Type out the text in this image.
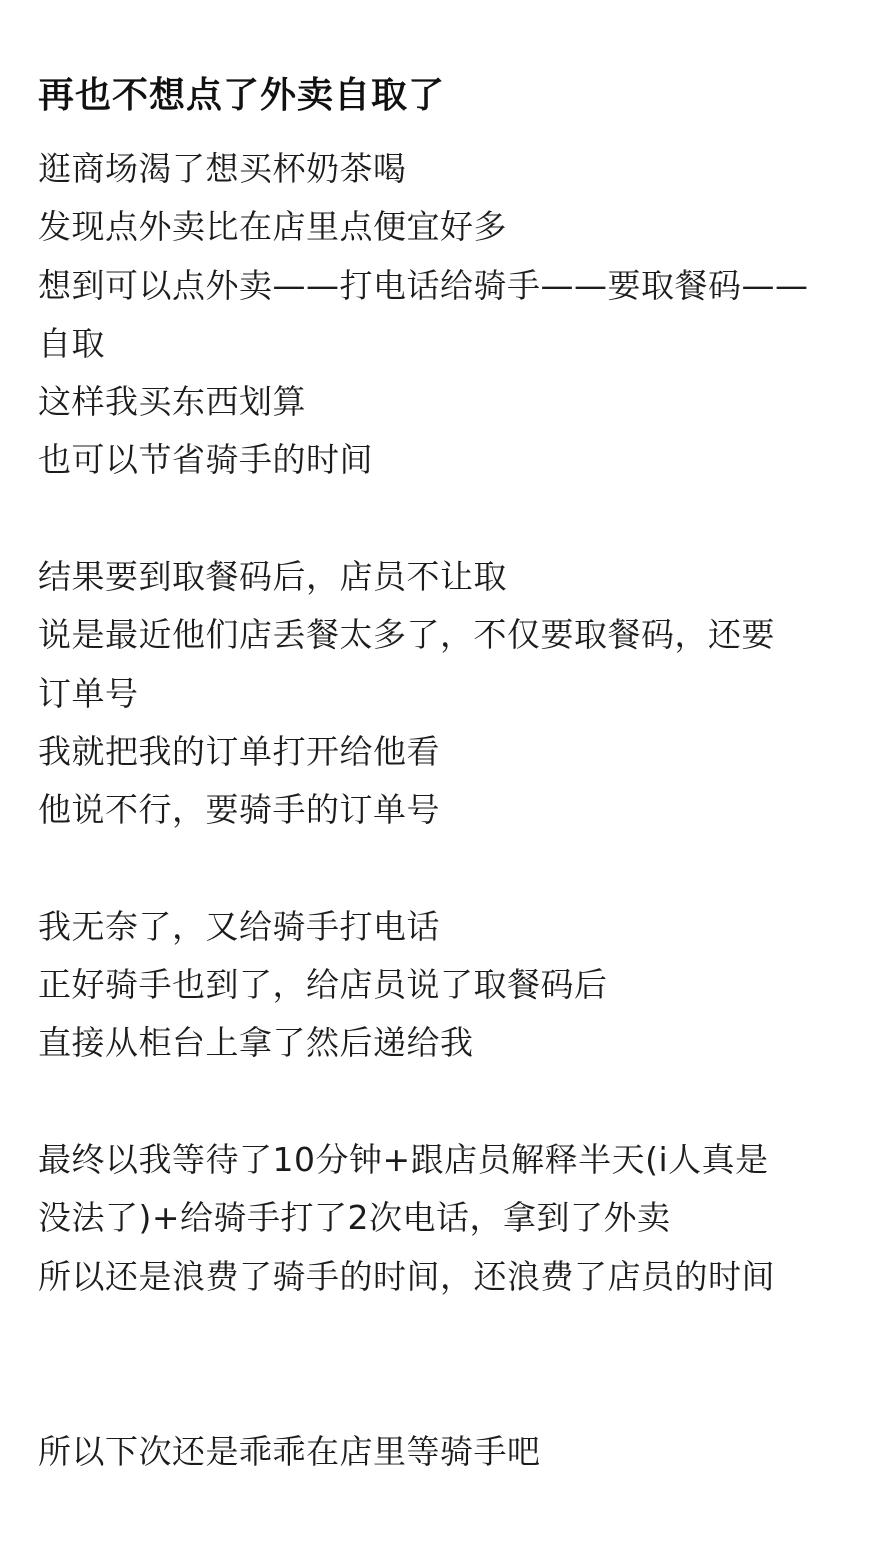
再也不想点了外卖自取了
逛商场渴了想买杯奶茶喝
发现点外卖比在店里点便宜好多
想到可以点外卖——打电话给骑手——要取餐码——
自取
这样我买东西划算
也可以节省骑手的时间
结果要到取餐码后，店员不让取
说是最近他们店丢餐太多了，不仅要取餐码，还要
订单号
我就把我的订单打开给他看
他说不行，要骑手的订单号
我无奈了，又给骑手打电话
正好骑手也到了，给店员说了取餐码后
直接从柜台上拿了然后递给我
最终以我等待了10分钟+跟店员解释半天(i人真是
没法了)+给骑手打了2次电话，拿到了外卖
所以还是浪费了骑手的时间，还浪费了店员的时间
所以下次还是乖乖在店里等骑手吧
